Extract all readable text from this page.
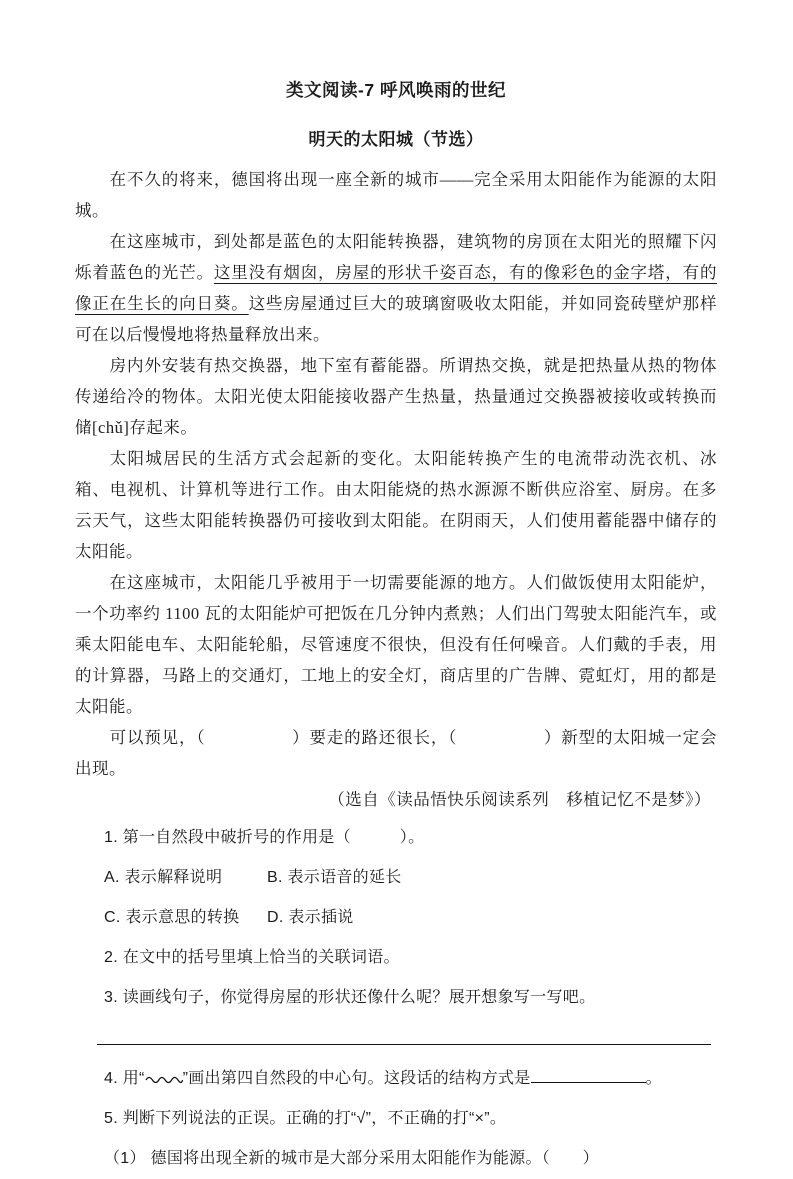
类文阅读-7 呼风唤雨的世纪
明天的太阳城（节选）

在不久的将来，德国将出现一座全新的城市——完全采用太阳能作为能源的太阳城。

在这座城市，到处都是蓝色的太阳能转换器，建筑物的房顶在太阳光的照耀下闪烁着蓝色的光芒。这里没有烟囱，房屋的形状千姿百态，有的像彩色的金字塔，有的像正在生长的向日葵。这些房屋通过巨大的玻璃窗吸收太阳能，并如同瓷砖壁炉那样可在以后慢慢地将热量释放出来。

房内外安装有热交换器，地下室有蓄能器。所谓热交换，就是把热量从热的物体传递给冷的物体。太阳光使太阳能接收器产生热量，热量通过交换器被接收或转换而储[chǔ]存起来。

太阳城居民的生活方式会起新的变化。太阳能转换产生的电流带动洗衣机、冰箱、电视机、计算机等进行工作。由太阳能烧的热水源源不断供应浴室、厨房。在多云天气，这些太阳能转换器仍可接收到太阳能。在阴雨天，人们使用蓄能器中储存的太阳能。

在这座城市，太阳能几乎被用于一切需要能源的地方。人们做饭使用太阳能炉，一个功率约 1100 瓦的太阳能炉可把饭在几分钟内煮熟；人们出门驾驶太阳能汽车，或乘太阳能电车、太阳能轮船，尽管速度不很快，但没有任何噪音。人们戴的手表，用的计算器，马路上的交通灯，工地上的安全灯，商店里的广告牌、霓虹灯，用的都是太阳能。

可以预见，（　　　　　）要走的路还很长，（　　　　　）新型的太阳城一定会出现。

（选自《读品悟快乐阅读系列　移植记忆不是梦》）

1. 第一自然段中破折号的作用是（　　　）。
A. 表示解释说明	B. 表示语音的延长
C. 表示意思的转换 D. 表示插说
2. 在文中的括号里填上恰当的关联词语。
3. 读画线句子，你觉得房屋的形状还像什么呢？展开想象写一写吧。
4. 用“ ”画出第四自然段的中心句。这段话的结构方式是	。
5. 判断下列说法的正误。正确的打“√”，不正确的打“×”。
（1） 德国将出现全新的城市是大部分采用太阳能作为能源。（　　）
